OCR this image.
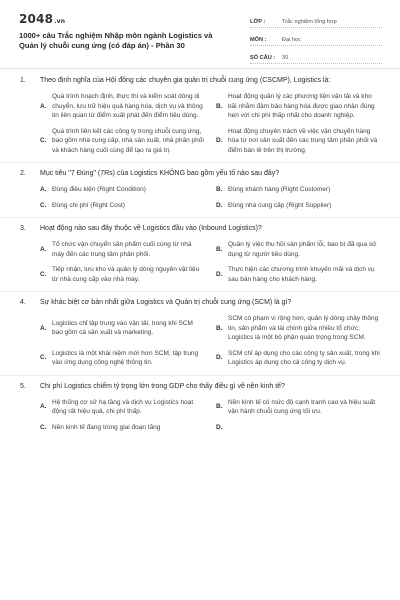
2048.vn
1000+ câu Trắc nghiệm Nhập môn ngành Logistics và Quản lý chuỗi cung ứng (có đáp án) - Phần 30
LỚP :	Trắc nghiệm tổng hợp
MÔN :	Đại học
SỐ CÂU :	30
1.	Theo định nghĩa của Hội đồng các chuyên gia quản trị chuỗi cung ứng (CSCMP), Logistics là:
A.
Quá trình hoạch định, thực thi và kiểm soát dòng di chuyển, lưu trữ hiệu quả hàng hóa, dịch vụ và thông tin liên quan từ điểm xuất phát đến điểm tiêu dùng.
B.
Hoạt động quản lý các phương tiện vận tải và kho bãi nhằm đảm bảo hàng hóa được giao nhận đúng hẹn với chi phí thấp nhất cho doanh nghiệp.
C.
Quá trình liên kết các công ty trong chuỗi cung ứng, bao gồm nhà cung cấp, nhà sản xuất, nhà phân phối và khách hàng cuối cùng để tạo ra giá trị.
D.
Hoạt động chuyên trách về việc vận chuyển hàng hóa từ nơi sản xuất đến các trung tâm phân phối và điểm bán lẻ trên thị trường.
2.	Mục tiêu "7 Đúng" (7Rs) của Logistics KHÔNG bao gồm yếu tố nào sau đây?
A. Đúng điều kiện (Right Condition)	B. Đúng khách hàng (Right Customer)
C. Đúng chi phí (Right Cost)	D. Đúng nhà cung cấp (Right Supplier)
3.	Hoạt động nào sau đây thuộc về Logistics đầu vào (Inbound Logistics)?
A.
Tổ chức vận chuyển sản phẩm cuối cùng từ nhà máy đến các trung tâm phân phối.
B.
Quản lý việc thu hồi sản phẩm lỗi, bao bì đã qua sử dụng từ người tiêu dùng.
C.
Tiếp nhận, lưu kho và quản lý dòng nguyên vật liệu từ nhà cung cấp vào nhà máy.
D.
Thực hiện các chương trình khuyến mãi và dịch vụ sau bán hàng cho khách hàng.
4.	Sự khác biệt cơ bản nhất giữa Logistics và Quản trị chuỗi cung ứng (SCM) là gì?
A.
Logistics chỉ tập trung vào vận tải, trong khi SCM bao gồm cả sản xuất và marketing.
B.
SCM có phạm vi rộng hơn, quản lý dòng chảy thông tin, sản phẩm và tài chính giữa nhiều tổ chức; Logistics là một bộ phận quan trọng trong SCM.
C.
Logistics là một khái niệm mới hơn SCM, tập trung vào ứng dụng công nghệ thông tin.
D.
SCM chỉ áp dụng cho các công ty sản xuất, trong khi Logistics áp dụng cho cả công ty dịch vụ.
5.	Chi phí Logistics chiếm tỷ trọng lớn trong GDP cho thấy điều gì về nền kinh tế?
A.
Hệ thống cơ sở hạ tầng và dịch vụ Logistics hoạt động rất hiệu quả, chi phí thấp.
B.
Nền kinh tế có mức độ cạnh tranh cao và hiệu suất vận hành chuỗi cung ứng tối ưu.
C. Nền kinh tế đang trong giai đoạn tăng	D.
